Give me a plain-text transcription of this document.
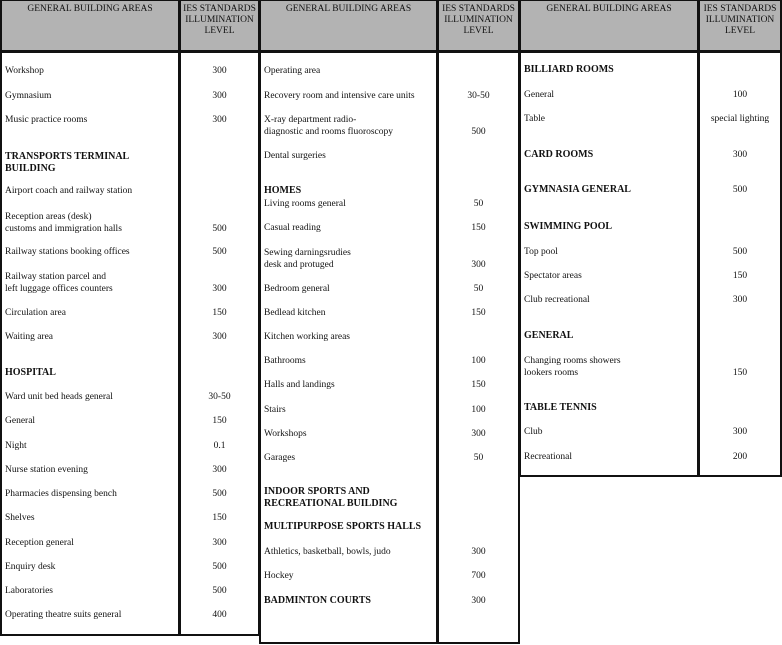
GENERAL BUILDING AREAS	IES STANDARDS
ILLUMINATION
LEVEL
Workshop	300
Gymnasium	300
Music practice rooms	300
TRANSPORTS TERMINAL
BUILDING
Airport coach and railway station
Reception areas (desk)
customs and immigration halls	500
Railway stations booking offices	500
Railway station parcel and
left luggage offices counters	300
Circulation area	150
Waiting area	300
HOSPITAL
Ward unit bed heads general	30-50
General	150
Night	0.1
Nurse station evening	300
Pharmacies dispensing bench	500
Shelves	150
Reception general	300
Enquiry desk	500
Laboratories	500
Operating theatre suits general	400
GENERAL BUILDING AREAS	IES STANDARDS
ILLUMINATION
LEVEL
Operating area
Recovery room and intensive care units	30-50
X-ray department radio-
diagnostic and rooms fluoroscopy	500
Dental surgeries
HOMES
Living rooms general	50
Casual reading	150
Sewing darningsrudies
desk and protuged	300
Bedroom general	50
Bedlead kitchen	150
Kitchen working areas
Bathrooms	100
Halls and landings	150
Stairs	100
Workshops	300
Garages	50
INDOOR SPORTS AND
RECREATIONAL BUILDING
MULTIPURPOSE SPORTS HALLS
Athletics, basketball, bowls, judo	300
Hockey	700
BADMINTON COURTS	300
GENERAL BUILDING AREAS	IES STANDARDS
ILLUMINATION
LEVEL
BILLIARD ROOMS
General	100
Table	special lighting
CARD ROOMS	300
GYMNASIA GENERAL	500
SWIMMING POOL
Top pool	500
Spectator areas	150
Club recreational	300
GENERAL
Changing rooms showers
lookers rooms	150
TABLE TENNIS
Club	300
Recreational	200
